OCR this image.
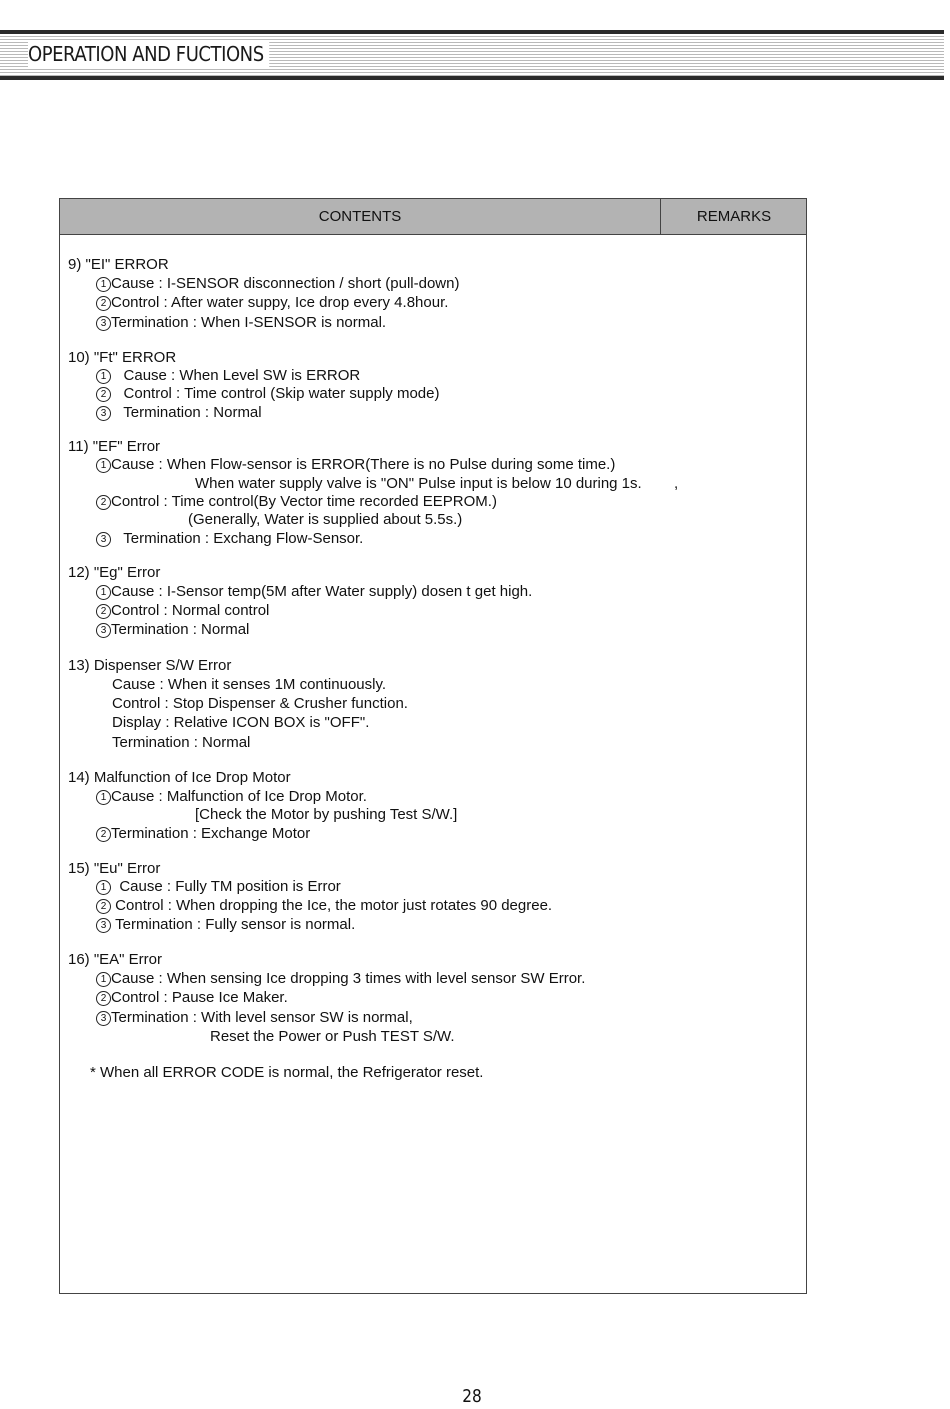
OPERATION AND FUCTIONS
CONTENTS	REMARKS
9) "EI" ERROR
1 Cause : I-SENSOR disconnection / short (pull-down)
2 Control : After water suppy, Ice drop every 4.8hour.
3 Termination : When I-SENSOR is normal.
10) "Ft" ERROR
1 Cause : When Level SW is ERROR
2 Control : Time control (Skip water supply mode)
3 Termination : Normal
11) "EF" Error
1 Cause : When Flow-sensor is ERROR(There is no Pulse during some time.)
When water supply valve is "ON" Pulse input is below 10 during 1s. ,
2 Control : Time control(By Vector time recorded EEPROM.)
(Generally, Water is supplied about 5.5s.)
3 Termination : Exchang Flow-Sensor.
12) "Eg" Error
1 Cause : I-Sensor temp(5M after Water supply) dosen t get high.
2 Control : Normal control
3 Termination : Normal
13) Dispenser S/W Error
Cause : When it senses 1M continuously.
Control : Stop Dispenser & Crusher function.
Display : Relative ICON BOX is "OFF".
Termination : Normal
14) Malfunction of Ice Drop Motor
1 Cause : Malfunction of Ice Drop Motor.
[Check the Motor by pushing Test S/W.]
2 Termination : Exchange Motor
15) "Eu" Error
1 Cause : Fully TM position is Error
2 Control : When dropping the Ice, the motor just rotates 90 degree.
3 Termination : Fully sensor is normal.
16) "EA" Error
1 Cause : When sensing Ice dropping 3 times with level sensor SW Error.
2 Control : Pause Ice Maker.
3 Termination : With level sensor SW is normal,
Reset the Power or Push TEST S/W.
* When all ERROR CODE is normal, the Refrigerator reset.
28
